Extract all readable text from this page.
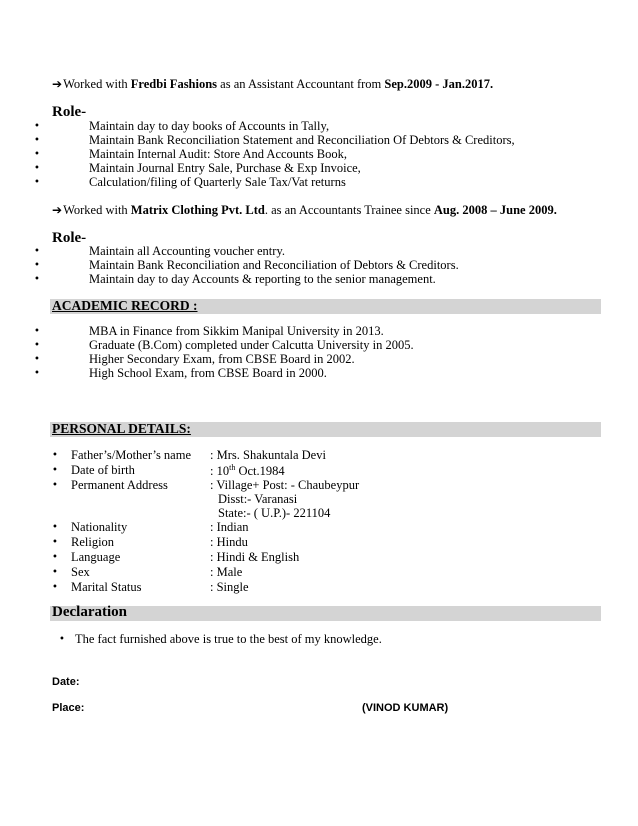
➔Worked with Fredbi Fashions as an Assistant Accountant from Sep.2009 - Jan.2017.
Role-
•	Maintain day to day books of Accounts in Tally,
•	Maintain Bank Reconciliation Statement and Reconciliation Of Debtors & Creditors,
•	Maintain Internal Audit: Store And Accounts Book,
•	Maintain Journal Entry Sale, Purchase & Exp Invoice,
•	Calculation/filing of Quarterly Sale Tax/Vat returns
➔Worked with Matrix Clothing Pvt. Ltd. as an Accountants Trainee since Aug. 2008 – June 2009.
Role-
•	Maintain all Accounting voucher entry.
•	Maintain Bank Reconciliation and Reconciliation of Debtors & Creditors.
•	Maintain day to day Accounts & reporting to the senior management.
ACADEMIC RECORD :
•	MBA in Finance from Sikkim Manipal University in 2013.
•	Graduate (B.Com) completed under Calcutta University in 2005.
•	Higher Secondary Exam, from CBSE Board in 2002.
•	High School Exam, from CBSE Board in 2000.
PERSONAL DETAILS:
• Father’s/Mother’s name : Mrs. Shakuntala Devi
• Date of birth	: 10th Oct.1984
• Permanent Address	: Village+ Post: - Chaubeypur
Disst:- Varanasi
State:- ( U.P.)- 221104
• Nationality	: Indian
• Religion	: Hindu
• Language	: Hindi & English
• Sex	: Male
• Marital Status	: Single
Declaration
• The fact furnished above is true to the best of my knowledge.
Date:
Place:	(VINOD KUMAR)
